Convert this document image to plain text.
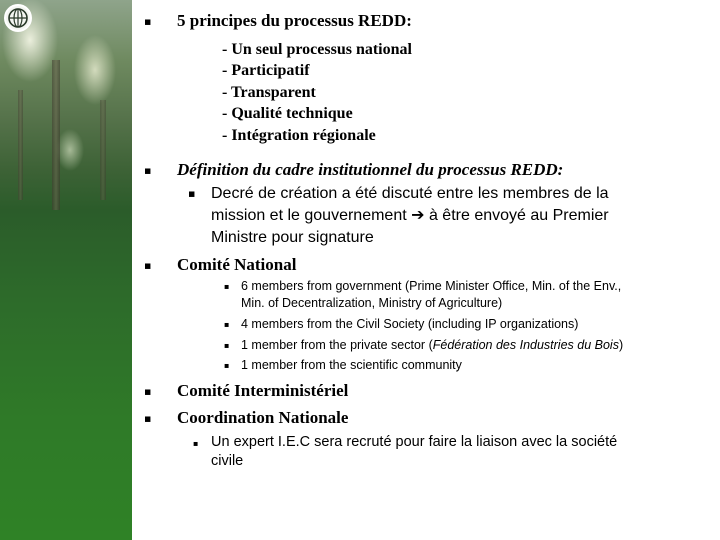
▪ 5 principes du processus REDD:
- Un seul processus national
- Participatif
- Transparent
- Qualité technique
- Intégration régionale
▪ Définition du cadre institutionnel du processus REDD:
▪ Decré de création a été discuté entre les membres de la
mission et le gouvernement ➔ à être envoyé au Premier
Ministre pour signature
▪ Comité National
▪ 6 members from government (Prime Minister Office, Min. of the Env.,
Min. of Decentralization, Ministry of Agriculture)
▪ 4 members from the Civil Society (including IP organizations)
▪ 1 member from the private sector (Fédération des Industries du Bois)
▪ 1 member from the scientific community
▪ Comité Interministériel
▪ Coordination Nationale
▪ Un expert I.E.C sera recruté pour faire la liaison avec la société
civile
